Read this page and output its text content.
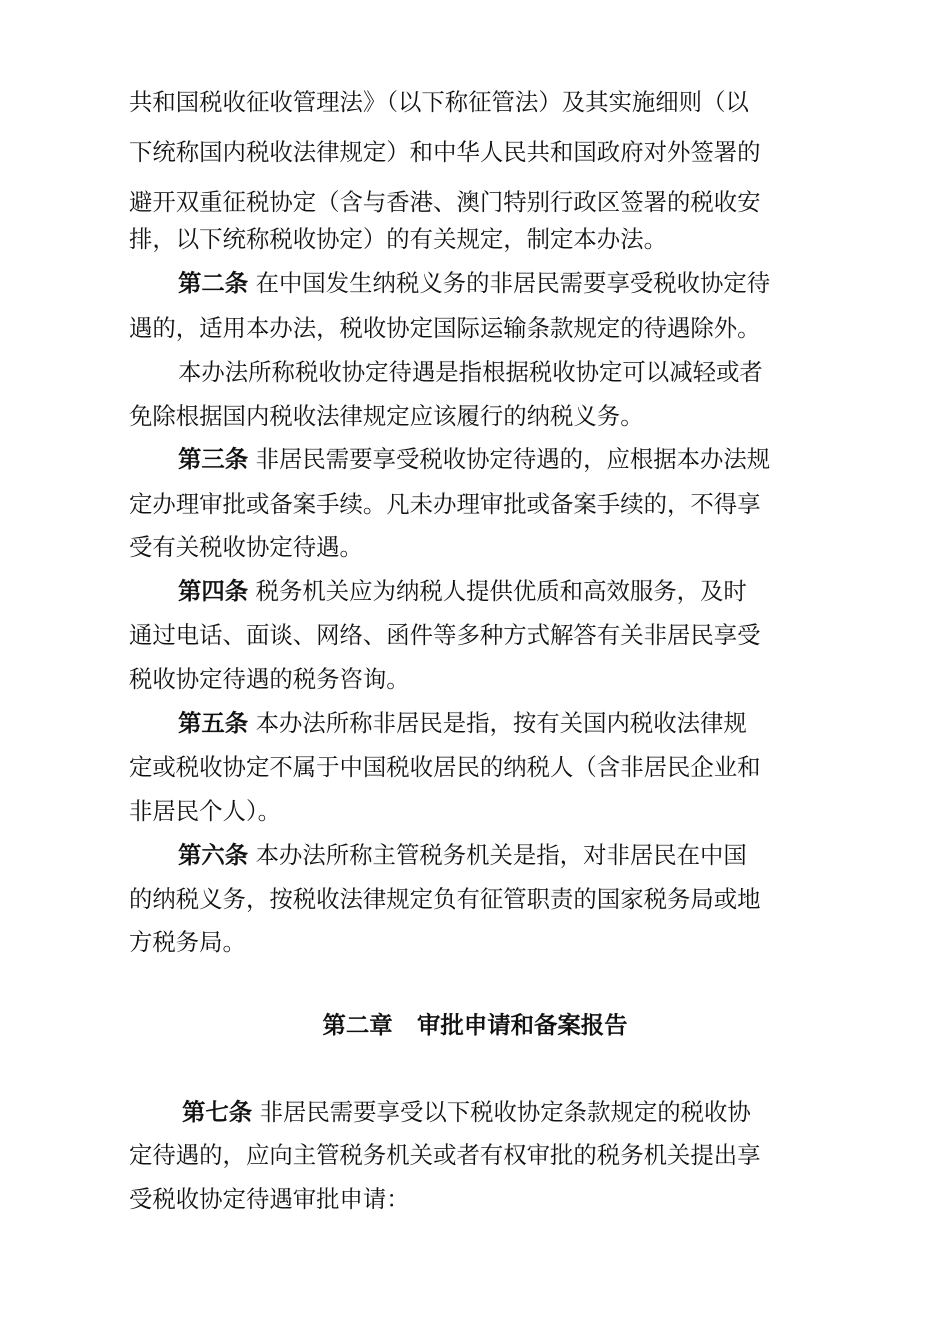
共和国税收征收管理法》（以下称征管法）及其实施细则（以
下统称国内税收法律规定）和中华人民共和国政府对外签署的
避开双重征税协定（含与香港、澳门特别行政区签署的税收安
排，以下统称税收协定）的有关规定，制定本办法。
第二条 在中国发生纳税义务的非居民需要享受税收协定待
遇的，适用本办法，税收协定国际运输条款规定的待遇除外。
本办法所称税收协定待遇是指根据税收协定可以减轻或者
免除根据国内税收法律规定应该履行的纳税义务。
第三条 非居民需要享受税收协定待遇的，应根据本办法规
定办理审批或备案手续。凡未办理审批或备案手续的，不得享
受有关税收协定待遇。
第四条 税务机关应为纳税人提供优质和高效服务，及时
通过电话、面谈、网络、函件等多种方式解答有关非居民享受
税收协定待遇的税务咨询。
第五条 本办法所称非居民是指，按有关国内税收法律规
定或税收协定不属于中国税收居民的纳税人（含非居民企业和
非居民个人）。
第六条 本办法所称主管税务机关是指，对非居民在中国
的纳税义务，按税收法律规定负有征管职责的国家税务局或地
方税务局。
第二章   审批申请和备案报告
第七条 非居民需要享受以下税收协定条款规定的税收协
定待遇的，应向主管税务机关或者有权审批的税务机关提出享
受税收协定待遇审批申请：
